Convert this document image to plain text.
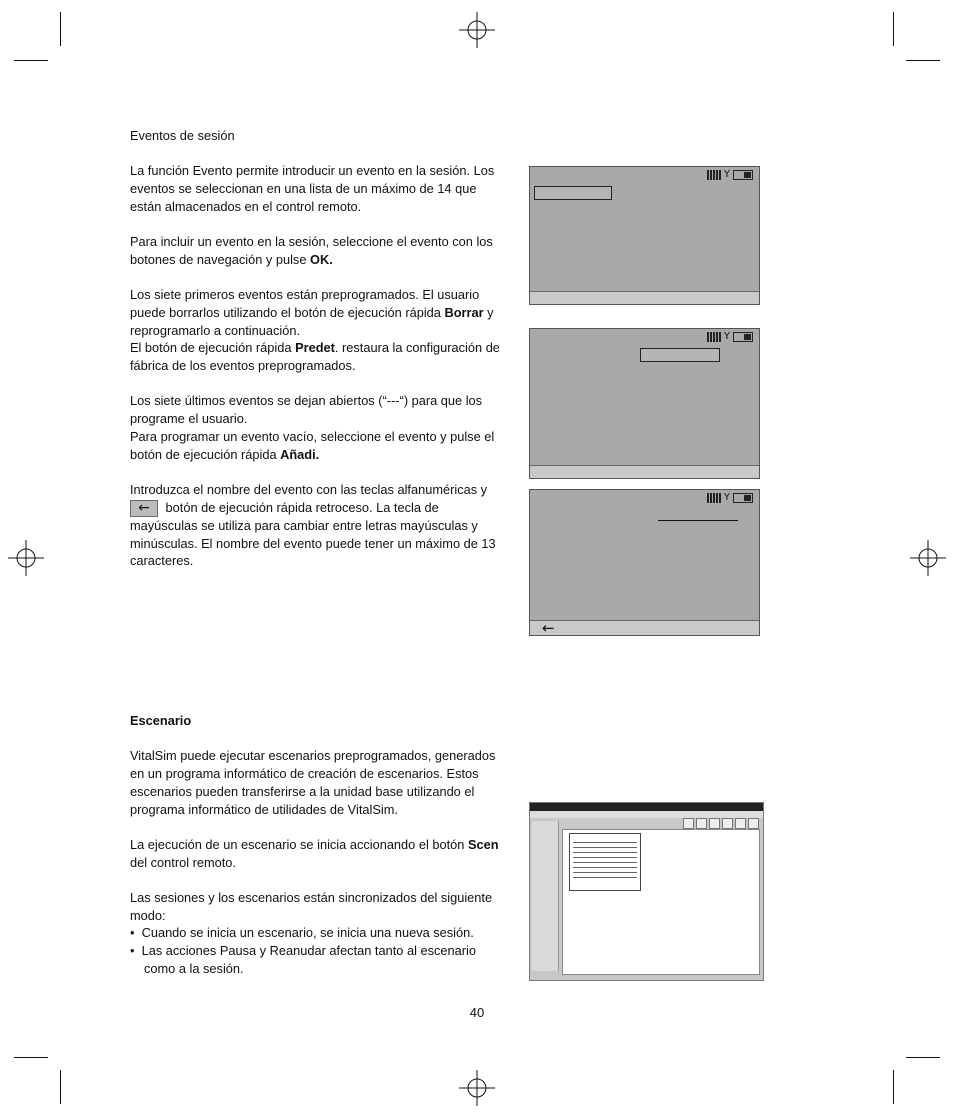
Eventos de sesión

La función Evento permite introducir un evento en la sesión. Los eventos se seleccionan en una lista de un máximo de 14 que están almacenados en el control remoto.

Para incluir un evento en la sesión, seleccione el evento con los botones de navegación y pulse OK.

Los siete primeros eventos están preprogramados. El usuario puede borrarlos utilizando el botón de ejecución rápida Borrar y reprogramarlo a continuación.

El botón de ejecución rápida Predet. restaura la configuración de fábrica de los eventos preprogramados.

Los siete últimos eventos se dejan abiertos (“---“) para que los programe el usuario.

Para programar un evento vacío, seleccione el evento y pulse el botón de ejecución rápida Añadi.

Introduzca el nombre del evento con las teclas alfanuméricas y

← botón de ejecución rápida retroceso. La tecla de mayúsculas se utiliza para cambiar entre letras mayúsculas y minúsculas. El nombre del evento puede tener un máximo de 13 caracteres.

Y
Y
Y
←

Escenario

VitalSim puede ejecutar escenarios preprogramados, generados en un programa informático de creación de escenarios. Estos escenarios pueden transferirse a la unidad base utilizando el programa informático de utilidades de VitalSim.

La ejecución de un escenario se inicia accionando el botón Scen del control remoto.

Las sesiones y los escenarios están sincronizados del siguiente modo:

•  Cuando se inicia un escenario, se inicia una nueva sesión.

•  Las acciones Pausa y Reanudar afectan tanto al escenario como a la sesión.

40
